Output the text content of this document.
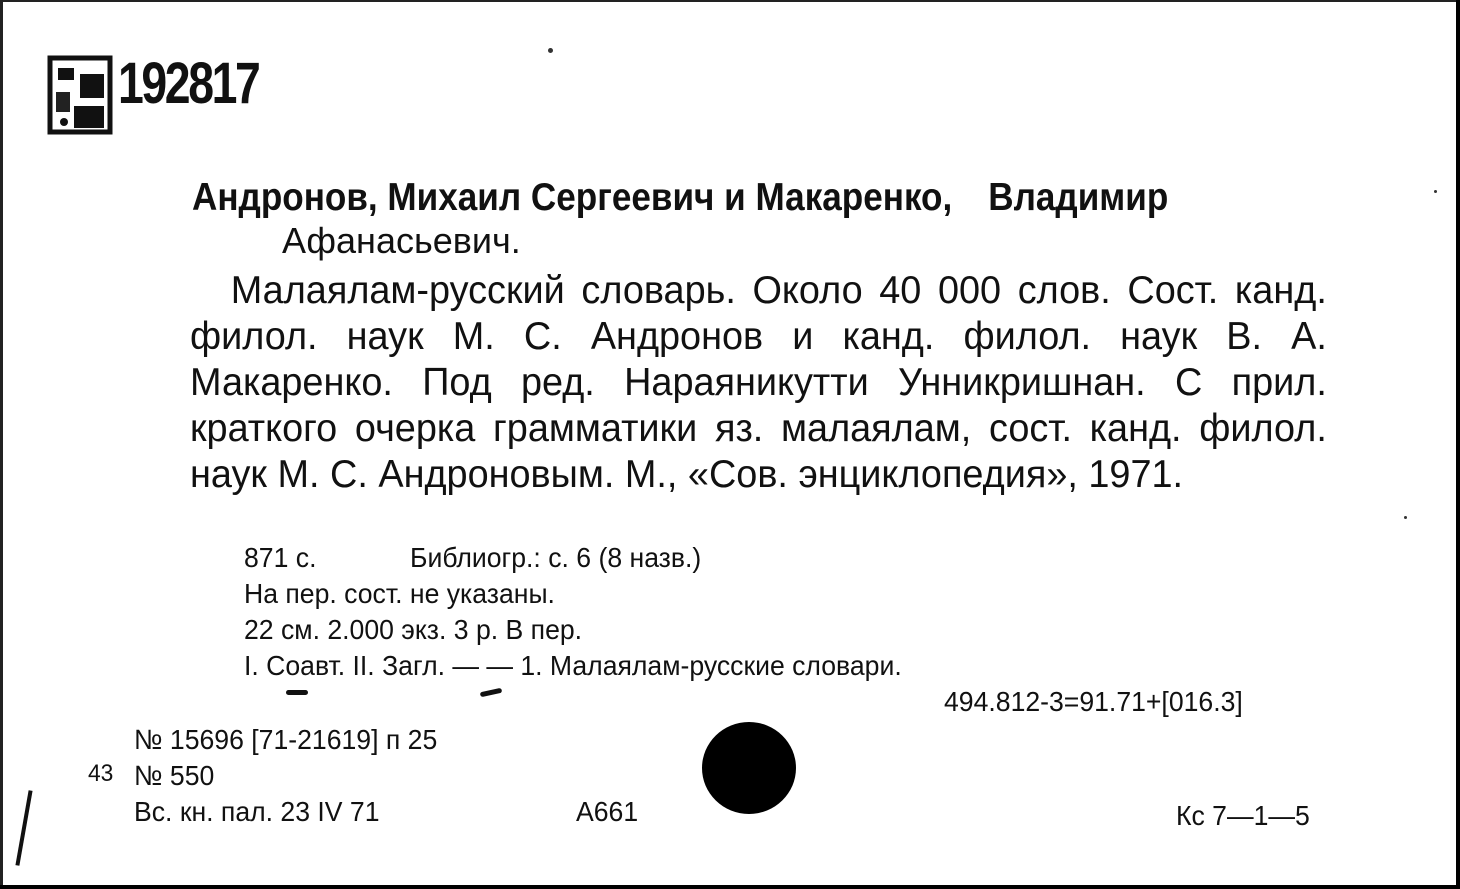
192817
Андронов, Михаил Сергеевич и Макаренко, Владимир
Афанасьевич.
Малаялам-русский словарь. Около 40 000 слов. Сост. канд. филол. наук М. С. Андронов и канд. филол. наук В. А. Макаренко. Под ред. Нараяникутти Унникришнан. С прил. краткого очерка грамматики яз. малаялам, сост. канд. филол. наук М. С. Андроновым. М., «Сов. энциклопедия», 1971.
871 с.	Библиогр.: с. 6 (8 назв.)
На пер. сост. не указаны.
22 см. 2.000 экз. 3 р. В пер.
I. Соавт. II. Загл. — — 1. Малаялам-русские словари.
494.812-3=91.71+[016.3]
№ 15696 [71-21619] п 25
43 № 550
Вс. кн. пал. 23 IV 71	А661	Кс 7—1—5
